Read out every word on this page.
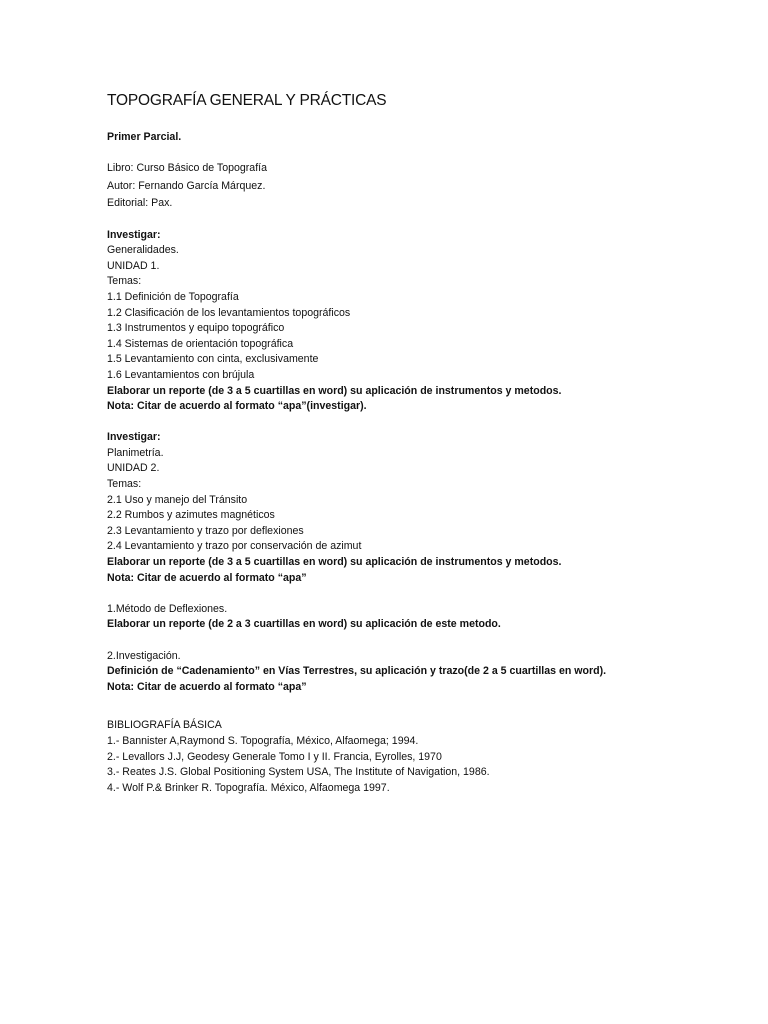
TOPOGRAFÍA GENERAL Y PRÁCTICAS
Primer Parcial.
Libro: Curso Básico de Topografía
Autor: Fernando García Márquez.
Editorial: Pax.
Investigar:
Generalidades.
UNIDAD 1.
Temas:
1.1 Definición de Topografía
1.2 Clasificación de los levantamientos topográficos
1.3 Instrumentos y equipo topográfico
1.4 Sistemas de orientación topográfica
1.5 Levantamiento con cinta, exclusivamente
1.6 Levantamientos con brújula
Elaborar un reporte (de 3 a 5 cuartillas en word) su aplicación de instrumentos y metodos.
Nota: Citar de acuerdo al formato “apa”(investigar).
Investigar:
Planimetría.
UNIDAD 2.
Temas:
2.1 Uso y manejo del Tránsito
2.2 Rumbos y azimutes magnéticos
2.3 Levantamiento y trazo por deflexiones
2.4 Levantamiento y trazo por conservación de azimut
Elaborar un reporte (de 3 a 5 cuartillas en word) su aplicación de instrumentos y metodos.
Nota: Citar de acuerdo al formato “apa”
1.Método de Deflexiones.
Elaborar un reporte (de 2 a 3 cuartillas en word) su aplicación de este metodo.
2.Investigación.
Definición de “Cadenamiento” en Vías Terrestres, su aplicación y trazo(de 2 a 5 cuartillas en word).
Nota: Citar de acuerdo al formato “apa”
BIBLIOGRAFÍA BÁSICA
1.- Bannister A,Raymond S. Topografía, México, Alfaomega; 1994.
2.- Levallors J.J, Geodesy Generale Tomo I y II. Francia, Eyrolles, 1970
3.- Reates J.S. Global Positioning System USA, The Institute of Navigation, 1986.
4.- Wolf P.& Brinker R. Topografía. México, Alfaomega 1997.
